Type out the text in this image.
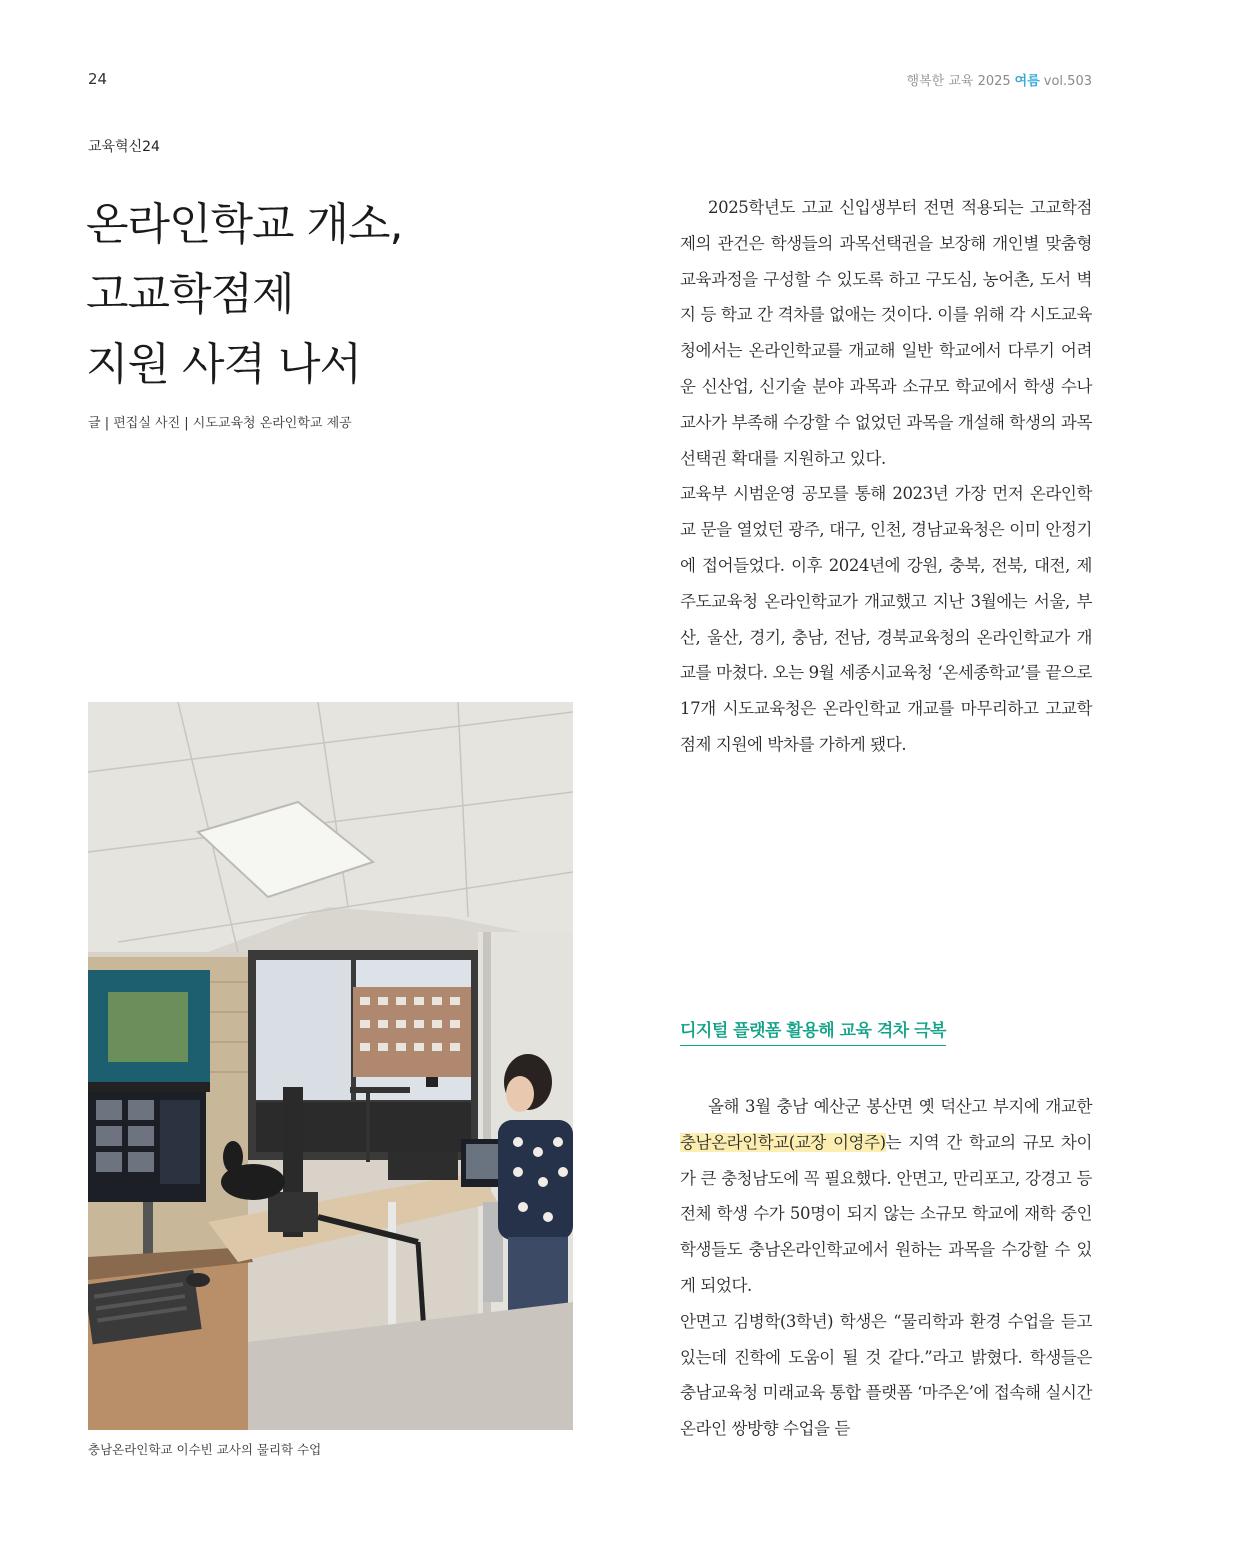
24	행복한 교육 2025 여름 vol.503
교육혁신24
온라인학교 개소,
고교학점제
지원 사격 나서
글 | 편집실 사진 | 시도교육청 온라인학교 제공

2025학년도 고교 신입생부터 전면 적용되는 고교학점제의 관건은 학생들의 과목선택권을 보장해 개인별 맞춤형 교육과정을 구성할 수 있도록 하고 구도심, 농어촌, 도서 벽지 등 학교 간 격차를 없애는 것이다. 이를 위해 각 시도교육청에서는 온라인학교를 개교해 일반 학교에서 다루기 어려운 신산업, 신기술 분야 과목과 소규모 학교에서 학생 수나 교사가 부족해 수강할 수 없었던 과목을 개설해 학생의 과목선택권 확대를 지원하고 있다.

교육부 시범운영 공모를 통해 2023년 가장 먼저 온라인학교 문을 열었던 광주, 대구, 인천, 경남교육청은 이미 안정기에 접어들었다. 이후 2024년에 강원, 충북, 전북, 대전, 제주도교육청 온라인학교가 개교했고 지난 3월에는 서울, 부산, 울산, 경기, 충남, 전남, 경북교육청의 온라인학교가 개교를 마쳤다. 오는 9월 세종시교육청 ‘온세종학교’를 끝으로 17개 시도교육청은 온라인학교 개교를 마무리하고 고교학점제 지원에 박차를 가하게 됐다.

디지털 플랫폼 활용해 교육 격차 극복

올해 3월 충남 예산군 봉산면 옛 덕산고 부지에 개교한 충남온라인학교(교장 이영주)는 지역 간 학교의 규모 차이가 큰 충청남도에 꼭 필요했다. 안면고, 만리포고, 강경고 등 전체 학생 수가 50명이 되지 않는 소규모 학교에 재학 중인 학생들도 충남온라인학교에서 원하는 과목을 수강할 수 있게 되었다.

안면고 김병학(3학년) 학생은 “물리학과 환경 수업을 듣고 있는데 진학에 도움이 될 것 같다.”라고 밝혔다. 학생들은 충남교육청 미래교육 통합 플랫폼 ‘마주온’에 접속해 실시간 온라인 쌍방향 수업을 듣

충남온라인학교 이수빈 교사의 물리학 수업
